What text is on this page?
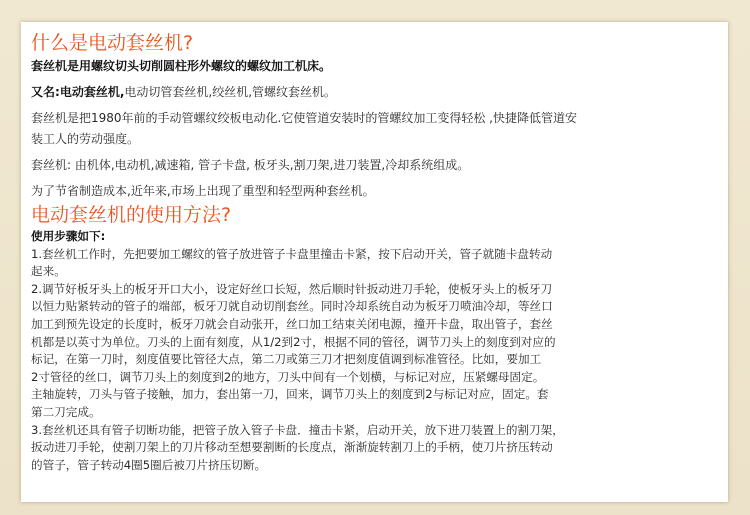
什么是电动套丝机?

套丝机是用螺纹切头切削圆柱形外螺纹的螺纹加工机床。

又名:电动套丝机,电动切管套丝机,绞丝机,管螺纹套丝机。

套丝机是把1980年前的手动管螺纹绞板电动化.它使管道安装时的管螺纹加工变得轻松 ,快捷降低管道安

装工人的劳动强度。

套丝机: 由机体,电动机,减速箱, 管子卡盘, 板牙头,割刀架,进刀装置,冷却系统组成。

为了节省制造成本,近年来,市场上出现了重型和轻型两种套丝机。

电动套丝机的使用方法?

使用步骤如下:

1.套丝机工作时，先把要加工螺纹的管子放进管子卡盘里撞击卡紧，按下启动开关，管子就随卡盘转动

起来。

2.调节好板牙头上的板牙开口大小，设定好丝口长短，然后顺时针扳动进刀手轮，使板牙头上的板牙刀

以恒力贴紧转动的管子的端部，板牙刀就自动切削套丝。同时冷却系统自动为板牙刀喷油冷却，等丝口

加工到预先设定的长度时，板牙刀就会自动张开，丝口加工结束关闭电源，撞开卡盘，取出管子，套丝

机都是以英寸为单位。刀头的上面有刻度，从1/2到2寸，根据不同的管径，调节刀头上的刻度到对应的

标记，在第一刀时，刻度值要比管径大点，第二刀或第三刀才把刻度值调到标准管径。比如，要加工

2寸管径的丝口，调节刀头上的刻度到2的地方，刀头中间有一个划横，与标记对应，压紧螺母固定。

主轴旋转，刀头与管子接触，加力，套出第一刀，回来，调节刀头上的刻度到2与标记对应，固定。套

第二刀完成。

3.套丝机还具有管子切断功能，把管子放入管子卡盘．撞击卡紧，启动开关，放下进刀装置上的割刀架，

扳动进刀手轮，使割刀架上的刀片移动至想要割断的长度点，渐渐旋转割刀上的手柄，使刀片挤压转动

的管子，管子转动4圈5圈后被刀片挤压切断。
